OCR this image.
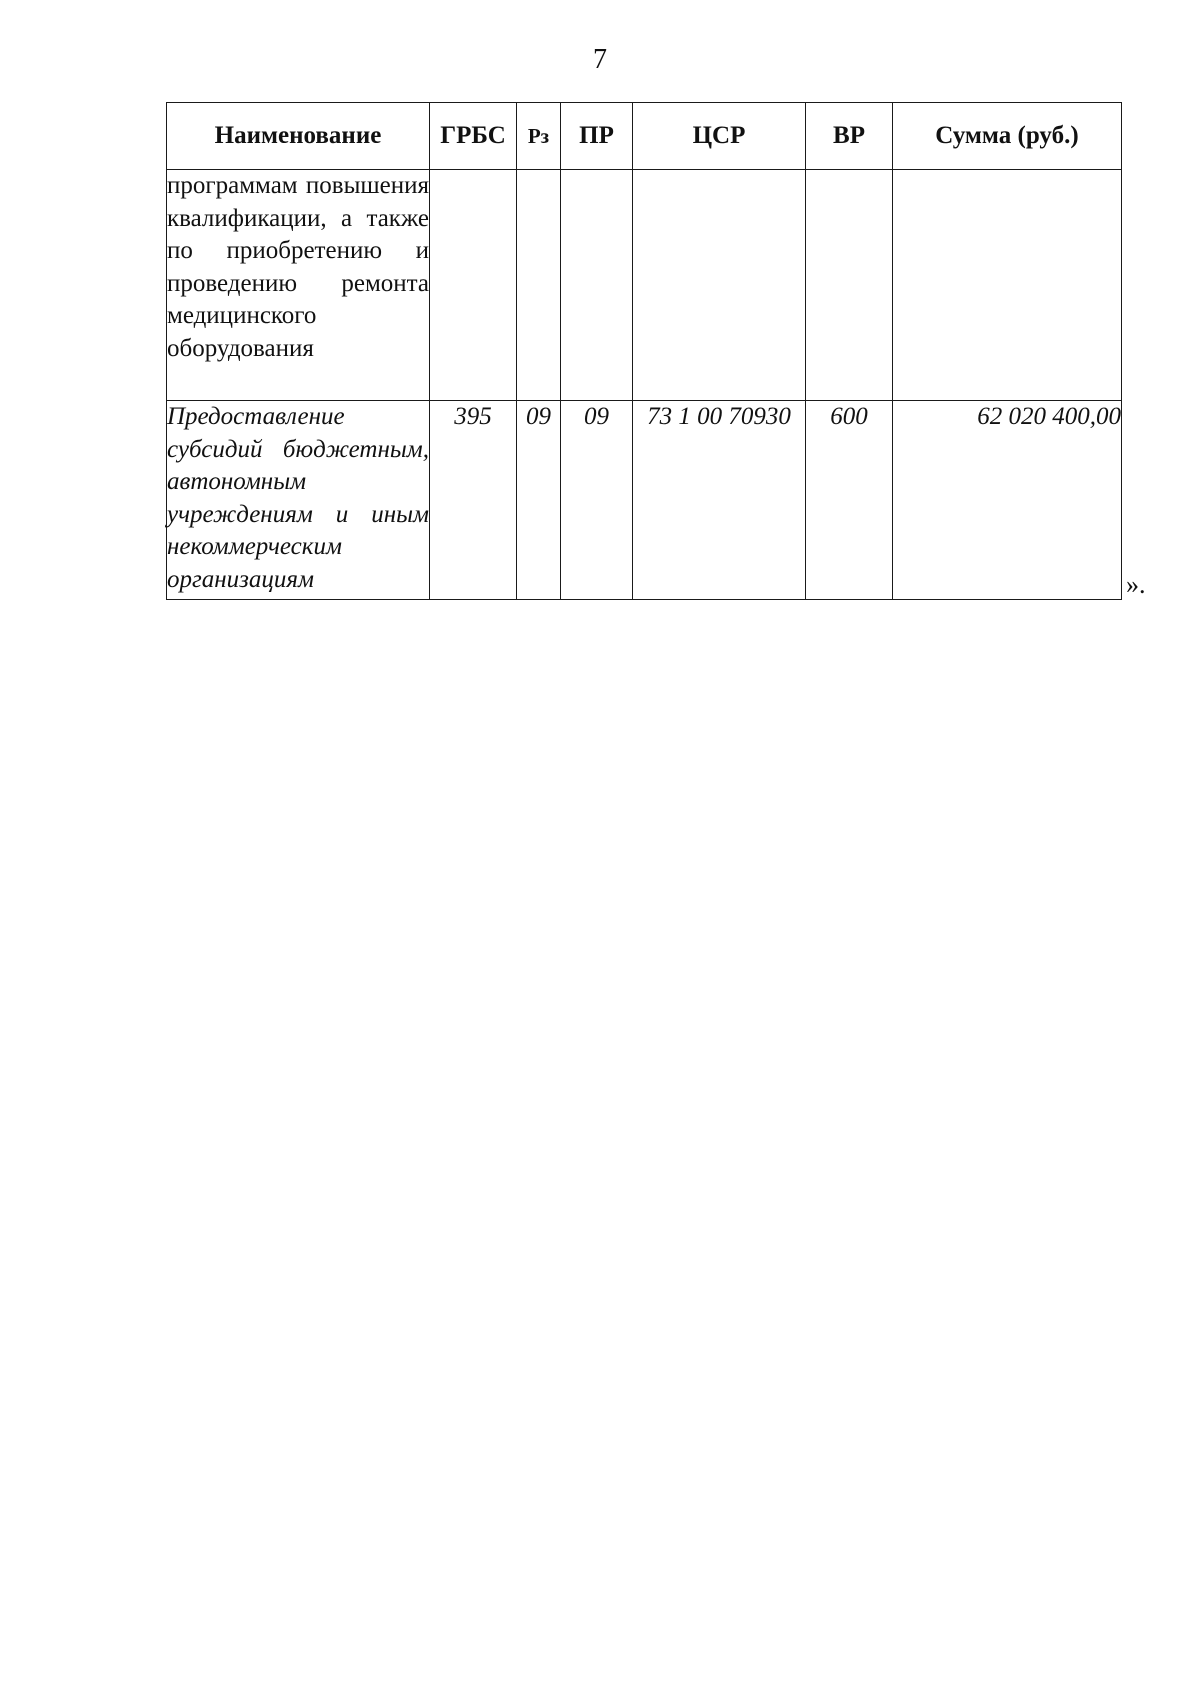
7
Наименование	ГРБС	Рз	ПР	ЦСР	ВР	Сумма (руб.)
программам повышения квалификации, а также по приобретению и проведению ремонта медицинского оборудования						
Предоставление субсидий бюджетным, автономным учреждениям и иным некоммерческим организациям	395	09	09	73 1 00 70930	600	62 020 400,00
».
